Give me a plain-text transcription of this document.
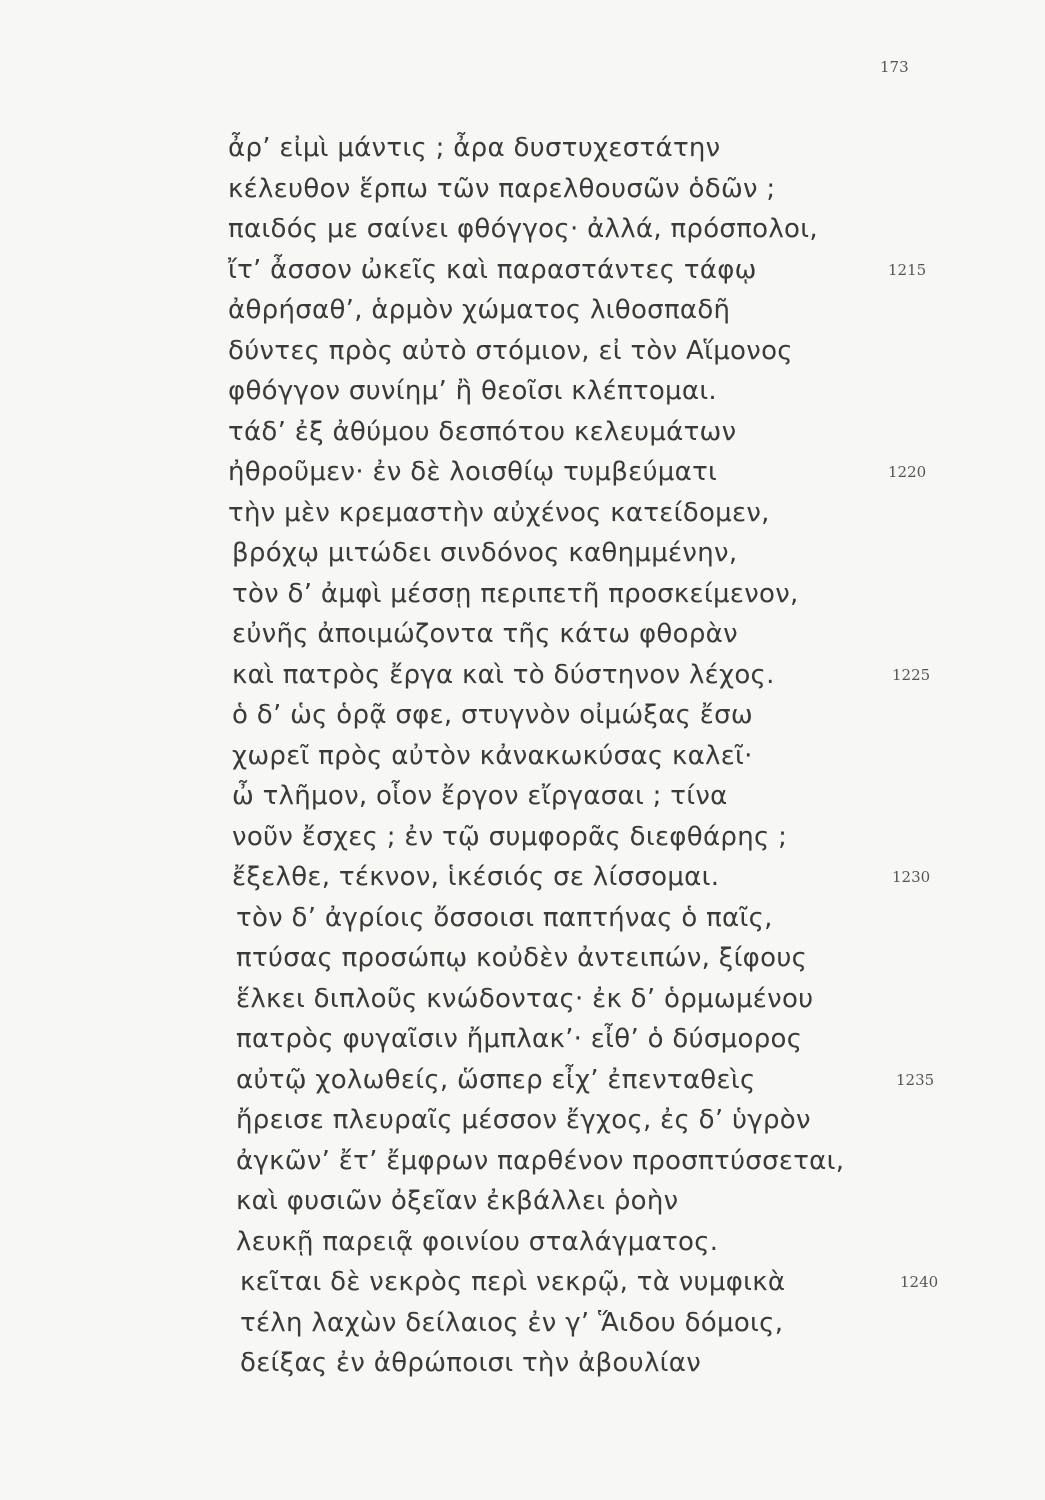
173
ἆρ’ εἰμὶ μάντις ; ἆρα δυστυχεστάτην
κέλευθον ἕρπω τῶν παρελθουσῶν ὁδῶν ;
παιδός με σαίνει φθόγγος· ἀλλά, πρόσπολοι,
ἴτ’ ἆσσον ὠκεῖς καὶ παραστάντες τάφῳ	1215
ἀθρήσαθ’, ἁρμὸν χώματος λιθοσπαδῆ
δύντες πρὸς αὐτὸ στόμιον, εἰ τὸν Αἵμονος
φθόγγον συνίημ’ ἢ θεοῖσι κλέπτομαι.
τάδ’ ἐξ ἀθύμου δεσπότου κελευμάτων
ἠθροῦμεν· ἐν δὲ λοισθίῳ τυμβεύματι	1220
τὴν μὲν κρεμαστὴν αὐχένος κατείδομεν,
βρόχῳ μιτώδει σινδόνος καθημμένην,
τὸν δ’ ἀμφὶ μέσσῃ περιπετῆ προσκείμενον,
εὐνῆς ἀποιμώζοντα τῆς κάτω φθορὰν
καὶ πατρὸς ἔργα καὶ τὸ δύστηνον λέχος.	1225
ὁ δ’ ὡς ὁρᾷ σφε, στυγνὸν οἰμώξας ἔσω
χωρεῖ πρὸς αὐτὸν κἀνακωκύσας καλεῖ·
ὦ τλῆμον, οἷον ἔργον εἴργασαι ; τίνα
νοῦν ἔσχες ; ἐν τῷ συμφορᾶς διεφθάρης ;
ἔξελθε, τέκνον, ἱκέσιός σε λίσσομαι.	1230
τὸν δ’ ἀγρίοις ὄσσοισι παπτήνας ὁ παῖς,
πτύσας προσώπῳ κοὐδὲν ἀντειπών, ξίφους
ἕλκει διπλοῦς κνώδοντας· ἐκ δ’ ὁρμωμένου
πατρὸς φυγαῖσιν ἤμπλακ’· εἶθ’ ὁ δύσμορος
αὐτῷ χολωθείς, ὥσπερ εἶχ’ ἐπενταθεὶς	1235
ἤρεισε πλευραῖς μέσσον ἔγχος, ἐς δ’ ὑγρὸν
ἀγκῶν’ ἔτ’ ἔμφρων παρθένον προσπτύσσεται,
καὶ φυσιῶν ὀξεῖαν ἐκβάλλει ῥοὴν
λευκῇ παρειᾷ φοινίου σταλάγματος.
κεῖται δὲ νεκρὸς περὶ νεκρῷ, τὰ νυμφικὰ	1240
τέλη λαχὼν δείλαιος ἐν γ’ Ἅιδου δόμοις,
δείξας ἐν ἀθρώποισι τὴν ἀβουλίαν
